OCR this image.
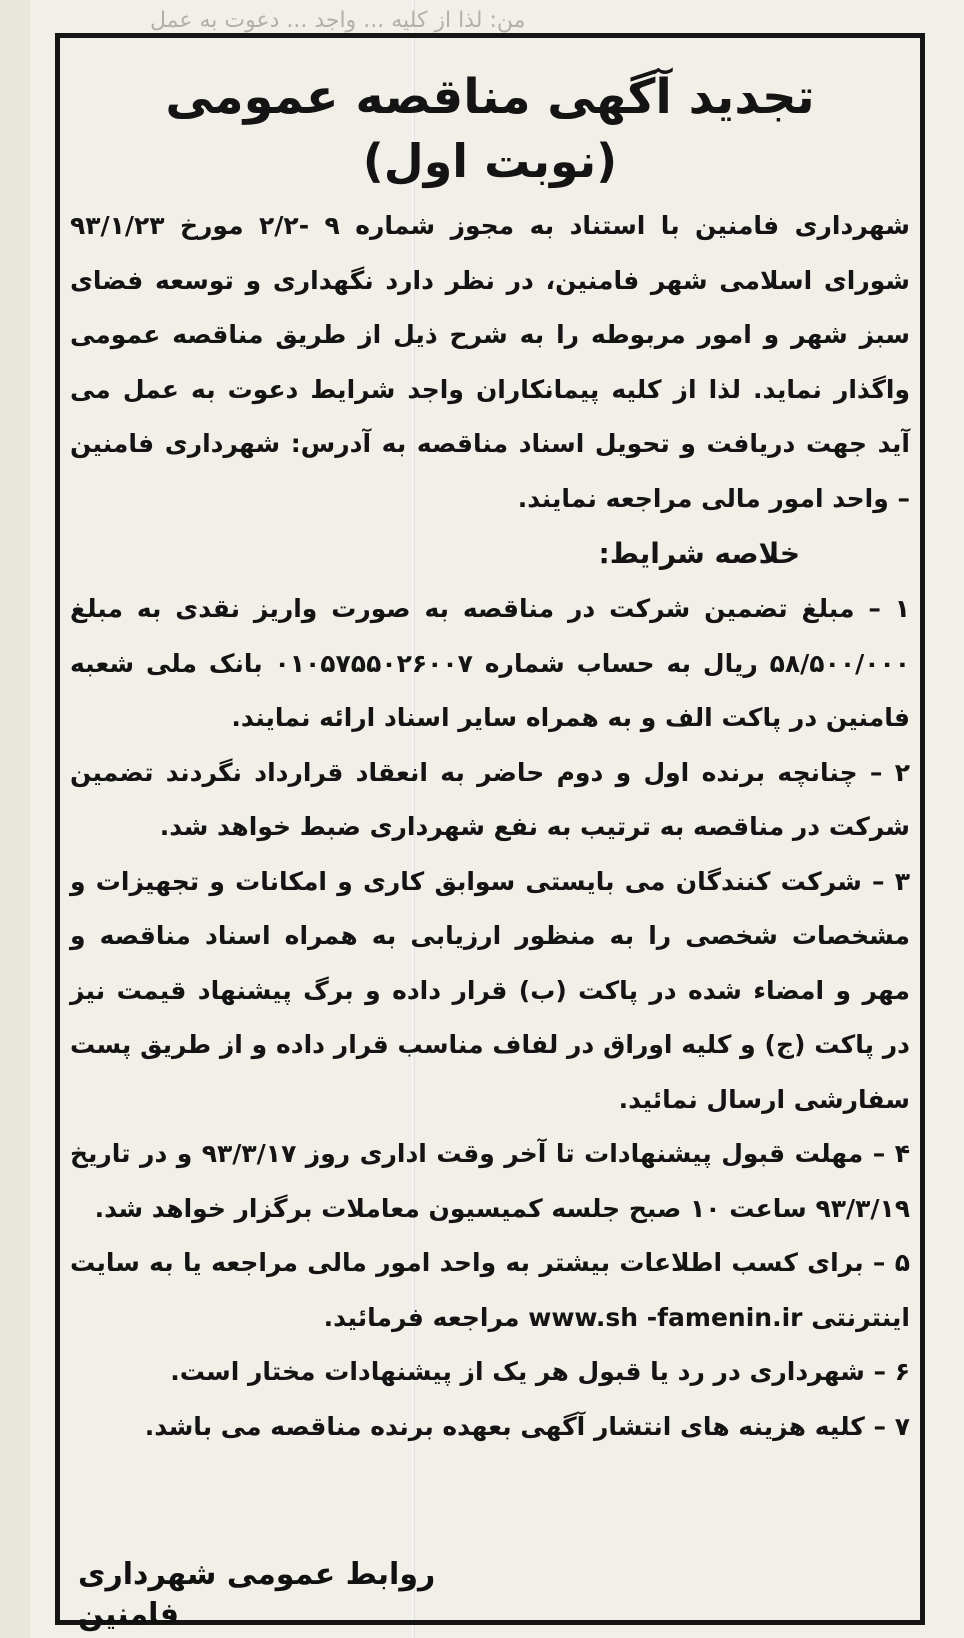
من: لذا از کلیه ... واجد ... دعوت به عمل
تجدید آگهی مناقصه عمومی
(نوبت اول)

شهرداری فامنین با استناد به مجوز شماره ۹ -۲/۲ مورخ ۹۳/۱/۲۳ شورای اسلامی شهر فامنین، در نظر دارد نگهداری و توسعه فضای سبز شهر و امور مربوطه را به شرح ذیل از طریق مناقصه عمومی واگذار نماید. لذا از کلیه پیمانکاران واجد شرایط دعوت به عمل می آید جهت دریافت و تحویل اسناد مناقصه به آدرس: شهرداری فامنین – واحد امور مالی مراجعه نمایند.

خلاصه شرایط:

۱ – مبلغ تضمین شرکت در مناقصه به صورت واریز نقدی به مبلغ ۵۸/۵۰۰/۰۰۰ ریال به حساب شماره ۰۱۰۵۷۵۵۰۲۶۰۰۷ بانک ملی شعبه فامنین در پاکت الف و به همراه سایر اسناد ارائه نمایند.

۲ – چنانچه برنده اول و دوم حاضر به انعقاد قرارداد نگردند تضمین شرکت در مناقصه به ترتیب به نفع شهرداری ضبط خواهد شد.

۳ – شرکت کنندگان می بایستی سوابق کاری و امکانات و تجهیزات و مشخصات شخصی را به منظور ارزیابی به همراه اسناد مناقصه و مهر و امضاء شده در پاکت (ب) قرار داده و برگ پیشنهاد قیمت نیز در پاکت (ج) و کلیه اوراق در لفاف مناسب قرار داده و از طریق پست سفارشی ارسال نمائید.

۴ – مهلت قبول پیشنهادات تا آخر وقت اداری روز ۹۳/۳/۱۷ و در تاریخ ۹۳/۳/۱۹ ساعت ۱۰ صبح جلسه کمیسیون معاملات برگزار خواهد شد.

۵ – برای کسب اطلاعات بیشتر به واحد امور مالی مراجعه یا به سایت اینترنتی www.sh -famenin.ir مراجعه فرمائید.

۶ – شهرداری در رد یا قبول هر یک از پیشنهادات مختار است.

۷ – کلیه هزینه های انتشار آگهی بعهده برنده مناقصه می باشد.

روابط عمومی شهرداری فامنین
